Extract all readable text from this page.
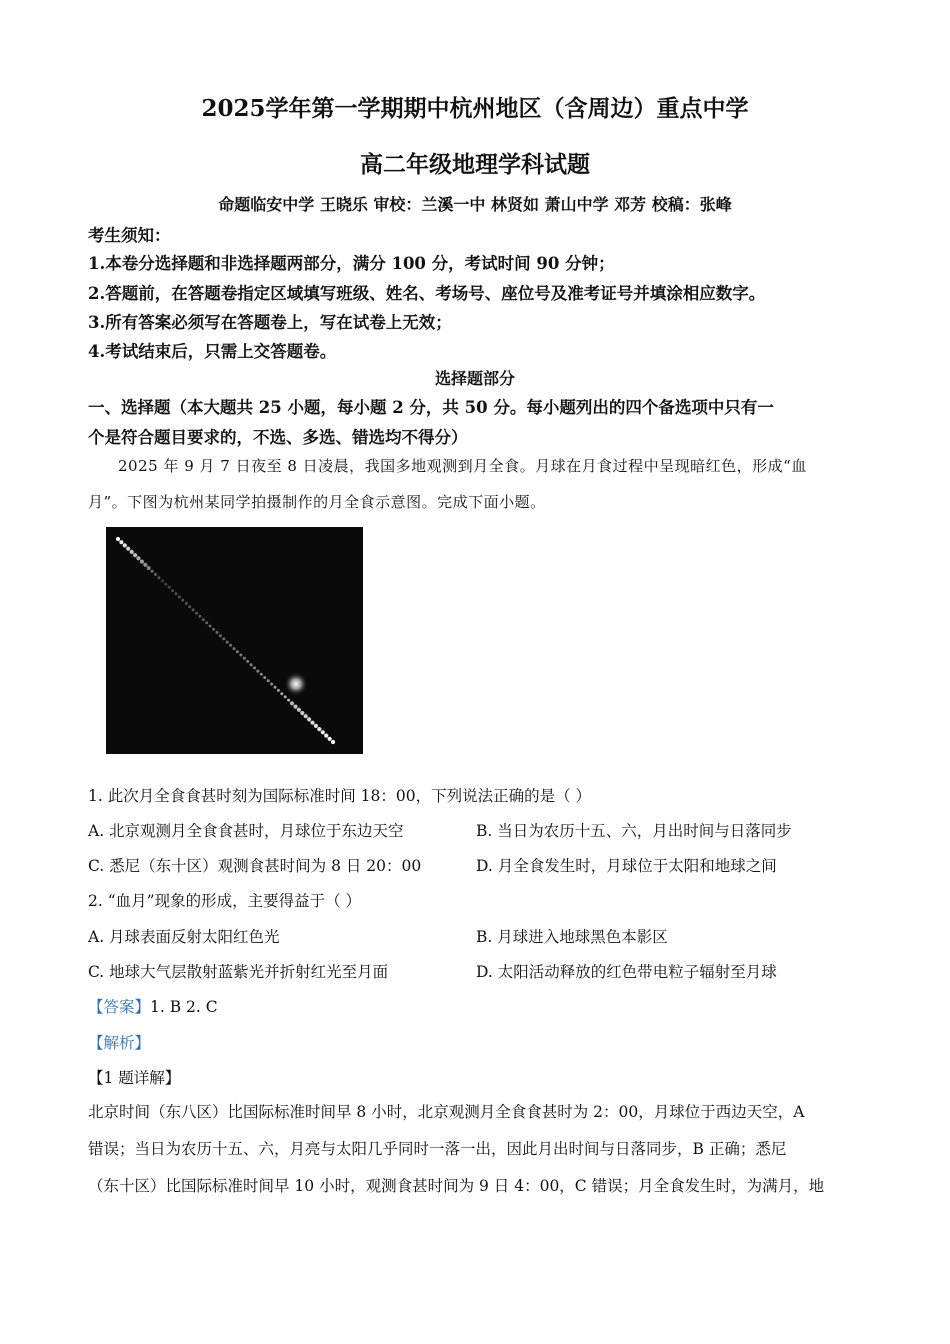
2025学年第一学期期中杭州地区（含周边）重点中学
高二年级地理学科试题
命题临安中学 王晓乐 审校：兰溪一中 林贤如 萧山中学 邓芳 校稿：张峰
考生须知：
1.本卷分选择题和非选择题两部分，满分 100 分，考试时间 90 分钟；
2.答题前，在答题卷指定区域填写班级、姓名、考场号、座位号及准考证号并填涂相应数字。
3.所有答案必须写在答题卷上，写在试卷上无效；
4.考试结束后，只需上交答题卷。
选择题部分
一、选择题（本大题共 25 小题，每小题 2 分，共 50 分。每小题列出的四个备选项中只有一
个是符合题目要求的，不选、多选、错选均不得分）
2025 年 9 月 7 日夜至 8 日凌晨，我国多地观测到月全食。月球在月食过程中呈现暗红色，形成“血
月”。下图为杭州某同学拍摄制作的月全食示意图。完成下面小题。
1. 此次月全食食甚时刻为国际标准时间 18：00，下列说法正确的是（ ）
A. 北京观测月全食食甚时，月球位于东边天空	B. 当日为农历十五、六，月出时间与日落同步
C. 悉尼（东十区）观测食甚时间为 8 日 20：00	D. 月全食发生时，月球位于太阳和地球之间
2. “血月”现象的形成，主要得益于（ ）
A. 月球表面反射太阳红色光	B. 月球进入地球黑色本影区
C. 地球大气层散射蓝紫光并折射红光至月面	D. 太阳活动释放的红色带电粒子辐射至月球
【答案】1. B 2. C
【解析】
【1 题详解】
北京时间（东八区）比国际标准时间早 8 小时，北京观测月全食食甚时为 2：00，月球位于西边天空，A
错误；当日为农历十五、六，月亮与太阳几乎同时一落一出，因此月出时间与日落同步，B 正确；悉尼
（东十区）比国际标准时间早 10 小时，观测食甚时间为 9 日 4：00，C 错误；月全食发生时，为满月，地
